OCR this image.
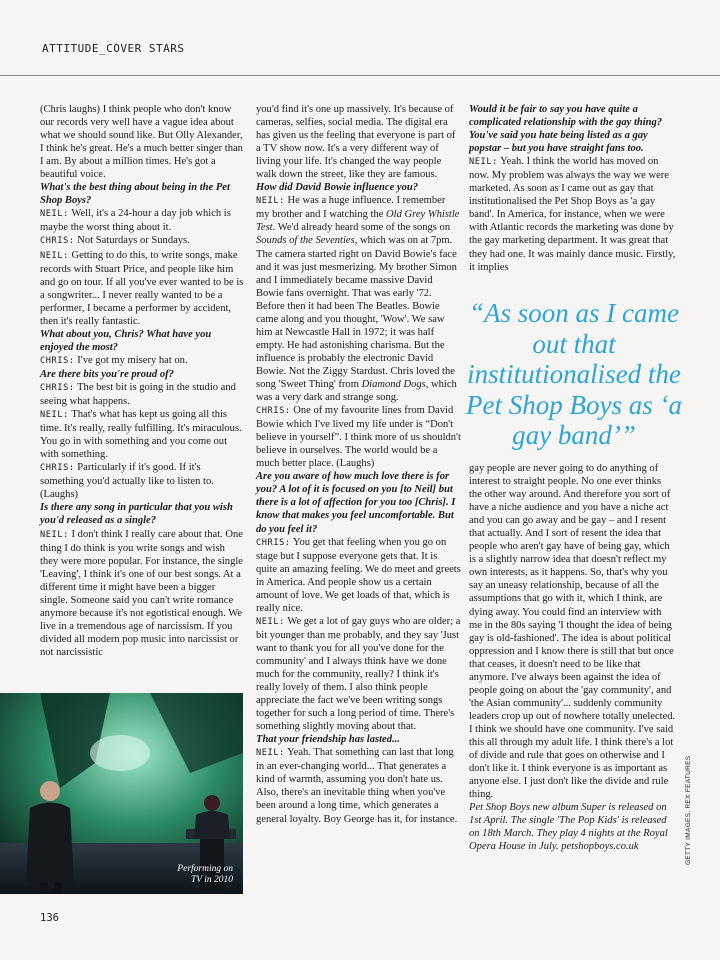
ATTITUDE_COVER STARS

(Chris laughs) I think people who don't know our records very well have a vague idea about what we should sound like. But Olly Alexander, I think he's great. He's a much better singer than I am. By about a million times. He's got a beautiful voice.

What's the best thing about being in the Pet Shop Boys?

NEIL: Well, it's a 24-hour a day job which is maybe the worst thing about it.

CHRIS: Not Saturdays or Sundays.

NEIL: Getting to do this, to write songs, make records with Stuart Price, and people like him and go on tour. If all you've ever wanted to be is a songwriter... I never really wanted to be a performer, I became a performer by accident, then it's really fantastic.

What about you, Chris? What have you enjoyed the most?

CHRIS: I've got my misery hat on.

Are there bits you're proud of?

CHRIS: The best bit is going in the studio and seeing what happens.

NEIL: That's what has kept us going all this time. It's really, really fulfilling. It's miraculous. You go in with something and you come out with something.

CHRIS: Particularly if it's good. If it's something you'd actually like to listen to. (Laughs)

Is there any song in particular that you wish you'd released as a single?

NEIL: I don't think I really care about that. One thing I do think is you write songs and wish they were more popular. For instance, the single 'Leaving', I think it's one of our best songs. At a different time it might have been a bigger single. Someone said you can't write romance anymore because it's not egotistical enough. We live in a tremendous age of narcissism. If you divided all modern pop music into narcissist or not narcissistic

you'd find it's one up massively. It's because of cameras, selfies, social media. The digital era has given us the feeling that everyone is part of a TV show now. It's a very different way of living your life. It's changed the way people walk down the street, like they are famous.

How did David Bowie influence you?

NEIL: He was a huge influence. I remember my brother and I watching the Old Grey Whistle Test. We'd already heard some of the songs on Sounds of the Seventies, which was on at 7pm. The camera started right on David Bowie's face and it was just mesmerizing. My brother Simon and I immediately became massive David Bowie fans overnight. That was early '72. Before then it had been The Beatles. Bowie came along and you thought, 'Wow'. We saw him at Newcastle Hall in 1972; it was half empty. He had astonishing charisma. But the influence is probably the electronic David Bowie. Not the Ziggy Stardust. Chris loved the song 'Sweet Thing' from Diamond Dogs, which was a very dark and strange song.

CHRIS: One of my favourite lines from David Bowie which I've lived my life under is “Don't believe in yourself”. I think more of us shouldn't believe in ourselves. The world would be a much better place. (Laughs)

Are you aware of how much love there is for you? A lot of it is focused on you [to Neil] but there is a lot of affection for you too [Chris]. I know that makes you feel uncomfortable. But do you feel it?

CHRIS: You get that feeling when you go on stage but I suppose everyone gets that. It is quite an amazing feeling. We do meet and greets in America. And people show us a certain amount of love. We get loads of that, which is really nice.

NEIL: We get a lot of gay guys who are older; a bit younger than me probably, and they say 'Just want to thank you for all you've done for the community' and I always think have we done much for the community, really? I think it's really lovely of them. I also think people appreciate the fact we've been writing songs together for such a long period of time. There's something slightly moving about that.

That your friendship has lasted...

NEIL: Yeah. That something can last that long in an ever-changing world... That generates a kind of warmth, assuming you don't hate us. Also, there's an inevitable thing when you've been around a long time, which generates a general loyalty. Boy George has it, for instance.

Would it be fair to say you have quite a complicated relationship with the gay thing? You've said you hate being listed as a gay popstar – but you have straight fans too.

NEIL: Yeah. I think the world has moved on now. My problem was always the way we were marketed. As soon as I came out as gay that institutionalised the Pet Shop Boys as 'a gay band'. In America, for instance, when we were with Atlantic records the marketing was done by the gay marketing department. It was great that they had one. It was mainly dance music. Firstly, it implies

“As soon as I came out that institutionalised the Pet Shop Boys as ‘a gay band’”

gay people are never going to do anything of interest to straight people. No one ever thinks the other way around. And therefore you sort of have a niche audience and you have a niche act and you can go away and be gay – and I resent that actually. And I sort of resent the idea that people who aren't gay have of being gay, which is a slightly narrow idea that doesn't reflect my own interests, as it happens. So, that's why you say an uneasy relationship, because of all the assumptions that go with it, which I think, are dying away. You could find an interview with me in the 80s saying 'I thought the idea of being gay is old-fashioned'. The idea is about political oppression and I know there is still that but once that ceases, it doesn't need to be like that anymore. I've always been against the idea of people going on about the 'gay community', and 'the Asian community'... suddenly community leaders crop up out of nowhere totally unelected. I think we should have one community. I've said this all through my adult life. I think there's a lot of divide and rule that goes on otherwise and I don't like it. I think everyone is as important as anyone else. I just don't like the divide and rule thing.

Pet Shop Boys new album Super is released on 1st April. The single 'The Pop Kids' is released on 18th March. They play 4 nights at the Royal Opera House in July. petshopboys.co.uk

Performing on
TV in 2010
GETTY IMAGES, REX FEATURES
136
